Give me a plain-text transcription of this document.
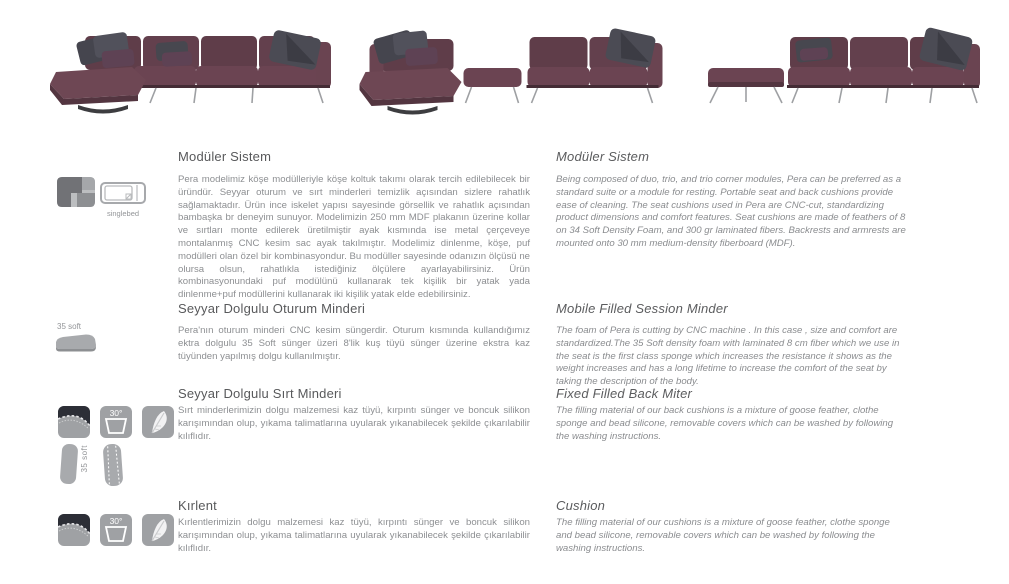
singlebed
35 soft
30°
35 soft
30°
Modüler Sistem
Pera modelimiz köşe modülleriyle köşe koltuk takımı olarak tercih edilebilecek bir üründür. Seyyar oturum ve sırt minderleri temizlik açısından sizlere rahatlık sağlamaktadır. Ürün ince iskelet yapısı sayesinde görsellik ve rahatlık açısından bambaşka br deneyim sunuyor. Modelimizin 250 mm MDF plakanın üzerine kollar ve sırtları monte edilerek üretilmiştir ayak kısmında ise metal çerçeveye montalanmış CNC kesim sac ayak takılmıştır. Modelimiz dinlenme, köşe, puf modülleri olan özel bir kombinasyondur. Bu modüller sayesinde odanızın ölçüsü ne olursa olsun, rahatlıkla istediğiniz ölçülere ayarlayabilirsiniz. Ürün kombinasyonundaki puf modülünü kullanarak tek kişilik bir yatak yada dinlenme+puf modüllerini kullanarak iki kişilik yatak elde edebilirsiniz.
Modüler Sistem
Being composed of duo, trio, and trio corner modules, Pera can be preferred as a standard suite or a module for resting. Portable seat and back cushions provide ease of cleaning. The seat cushions used in Pera are CNC-cut, standardizing product dimensions and comfort features. Seat cushions are made of feathers of 8 on 34 Soft Density Foam, and 300 gr laminated fibers. Backrests and armrests are mounted onto 30 mm medium-density fiberboard (MDF).
Seyyar Dolgulu Oturum Minderi
Pera'nın oturum minderi CNC kesim süngerdir. Oturum kısmında kullandığımız ektra dolgulu 35 Soft sünger üzeri 8'lik kuş tüyü sünger üzerine ekstra kaz tüyünden yapılmış dolgu kullanılmıştır.
Mobile Filled Session Minder
The foam of Pera is cutting by CNC machine . In this case , size and comfort are standardized.The 35 Soft density foam with laminated 8 cm fiber which we use in the seat is the first class sponge which increases the resistance it shows as the weight increases and has a long lifetime to increase the comfort of the seat by taking the description of the body.
Seyyar Dolgulu Sırt Minderi
Sırt minderlerimizin dolgu malzemesi kaz tüyü, kırpıntı sünger ve boncuk silikon karışımından olup, yıkama talimatlarına uyularak yıkanabilecek şekilde çıkarılabilir kılıflıdır.
Fixed Filled Back Miter
The filling material of our back cushions is a mixture of goose feather, clothe sponge and bead silicone, removable covers which can be washed by following the washing instructions.
Kırlent
Kırlentlerimizin dolgu malzemesi kaz tüyü, kırpıntı sünger ve boncuk silikon karışımından olup, yıkama talimatlarına uyularak yıkanabilecek şekilde çıkarılabilir kılıflıdır.
Cushion
The filling material of our cushions is a mixture of goose feather, clothe sponge and bead silicone, removable covers which can be washed by following the washing instructions.
